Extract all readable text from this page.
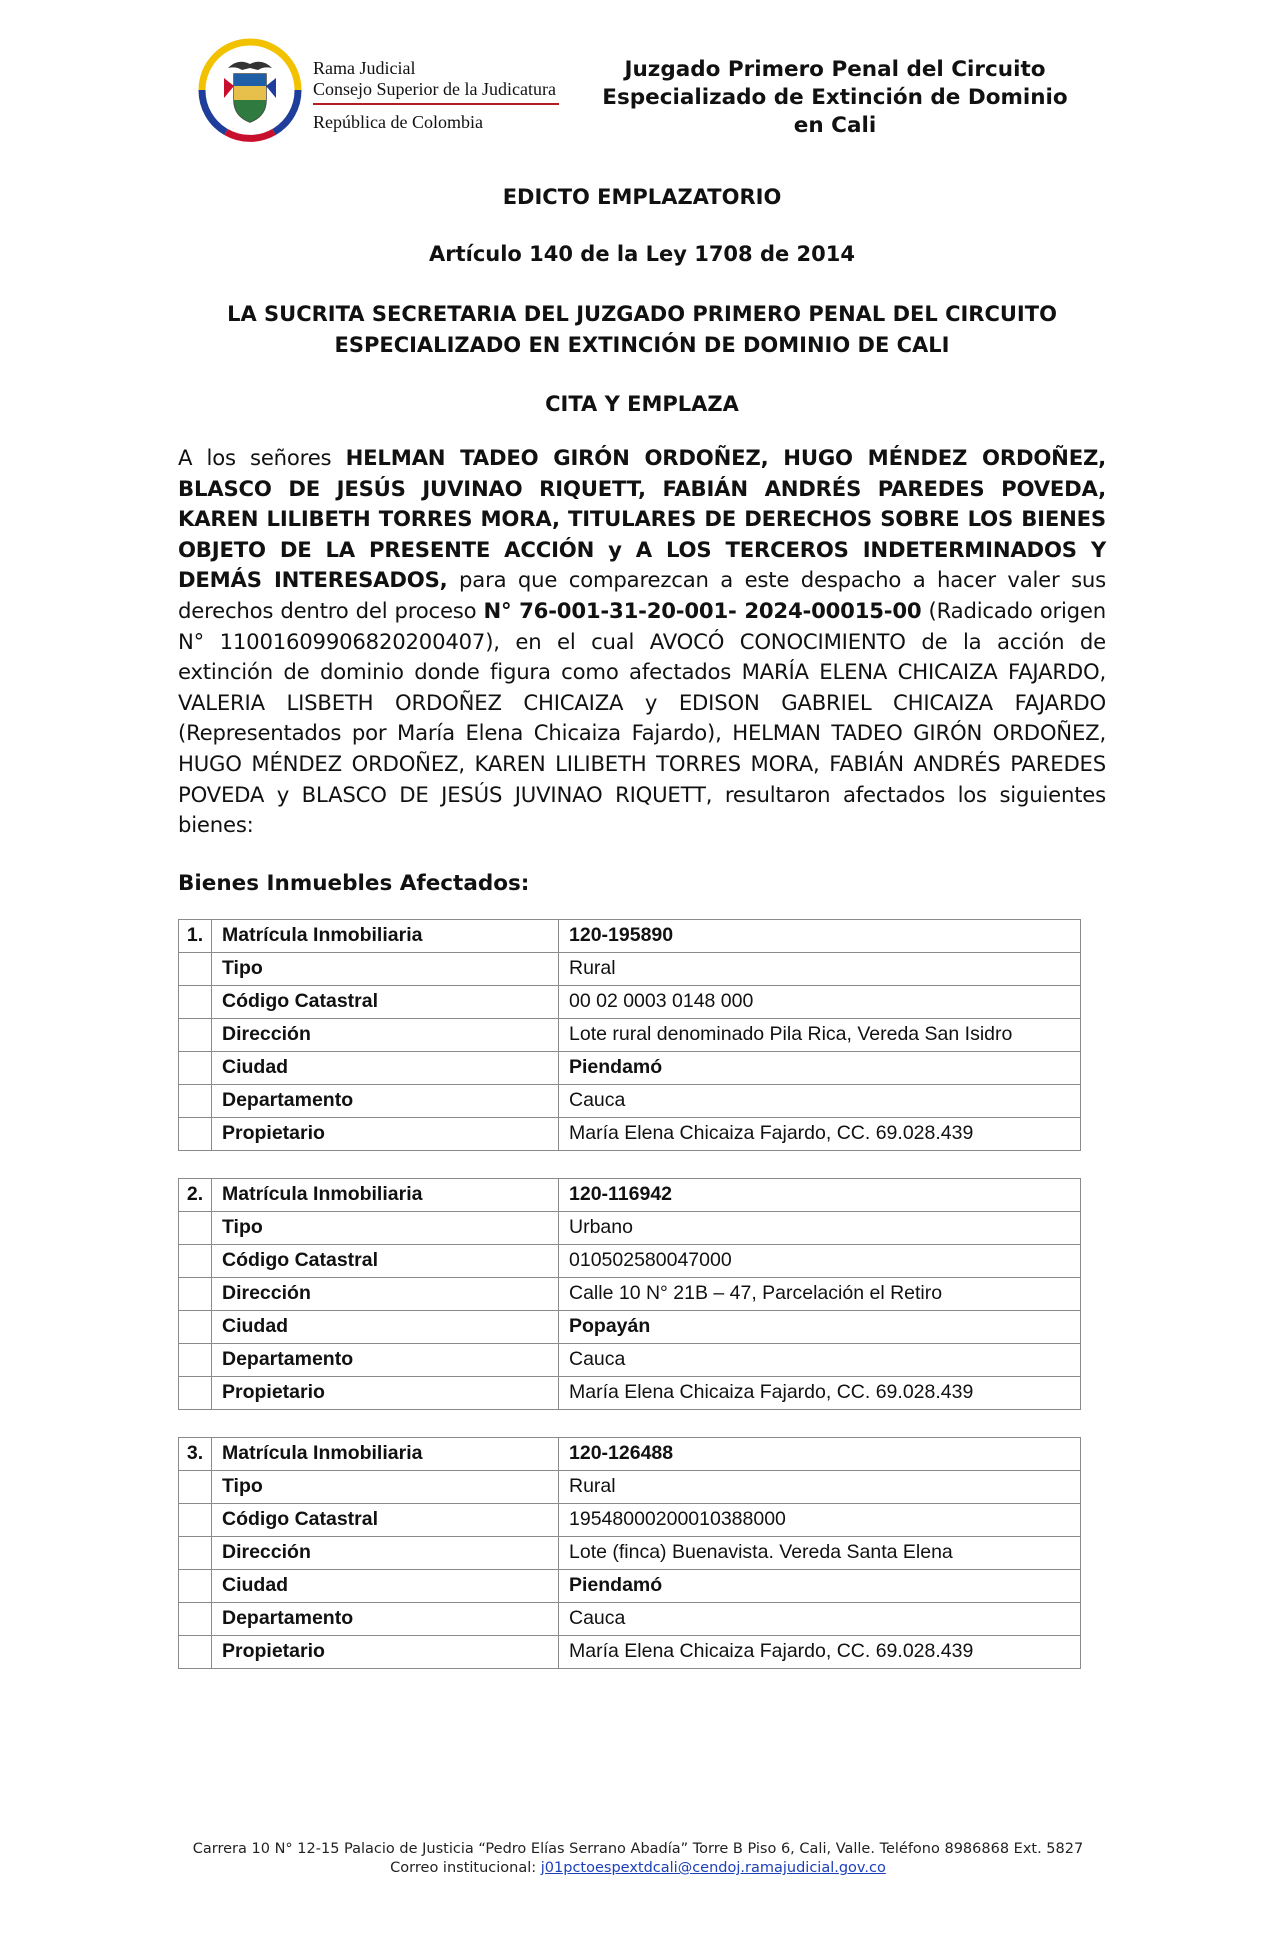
Rama Judicial
Consejo Superior de la Judicatura
República de Colombia
Juzgado Primero Penal del Circuito
Especializado de Extinción de Dominio
en Cali
EDICTO EMPLAZATORIO
Artículo 140 de la Ley 1708 de 2014
LA SUCRITA SECRETARIA DEL JUZGADO PRIMERO PENAL DEL CIRCUITO
ESPECIALIZADO EN EXTINCIÓN DE DOMINIO DE CALI
CITA Y EMPLAZA
A los señores HELMAN TADEO GIRÓN ORDOÑEZ, HUGO MÉNDEZ ORDOÑEZ, BLASCO DE JESÚS JUVINAO RIQUETT, FABIÁN ANDRÉS PAREDES POVEDA, KAREN LILIBETH TORRES MORA, TITULARES DE DERECHOS SOBRE LOS BIENES OBJETO DE LA PRESENTE ACCIÓN y A LOS TERCEROS INDETERMINADOS Y DEMÁS INTERESADOS, para que comparezcan a este despacho a hacer valer sus derechos dentro del proceso N° 76-001-31-20-001- 2024-00015-00 (Radicado origen N° 11001609906820200407), en el cual AVOCÓ CONOCIMIENTO de la acción de extinción de dominio donde figura como afectados MARÍA ELENA CHICAIZA FAJARDO, VALERIA LISBETH ORDOÑEZ CHICAIZA y EDISON GABRIEL CHICAIZA FAJARDO (Representados por María Elena Chicaiza Fajardo), HELMAN TADEO GIRÓN ORDOÑEZ, HUGO MÉNDEZ ORDOÑEZ, KAREN LILIBETH TORRES MORA, FABIÁN ANDRÉS PAREDES POVEDA y BLASCO DE JESÚS JUVINAO RIQUETT, resultaron afectados los siguientes bienes:
Bienes Inmuebles Afectados:
1.	Matrícula Inmobiliaria	120-195890
	Tipo	Rural
	Código Catastral	00 02 0003 0148 000
	Dirección	Lote rural denominado Pila Rica, Vereda San Isidro
	Ciudad	Piendamó
	Departamento	Cauca
	Propietario	María Elena Chicaiza Fajardo, CC. 69.028.439
2.	Matrícula Inmobiliaria	120-116942
	Tipo	Urbano
	Código Catastral	010502580047000
	Dirección	Calle 10 N° 21B – 47, Parcelación el Retiro
	Ciudad	Popayán
	Departamento	Cauca
	Propietario	María Elena Chicaiza Fajardo, CC. 69.028.439
3.	Matrícula Inmobiliaria	120-126488
	Tipo	Rural
	Código Catastral	19548000200010388000
	Dirección	Lote (finca) Buenavista. Vereda Santa Elena
	Ciudad	Piendamó
	Departamento	Cauca
	Propietario	María Elena Chicaiza Fajardo, CC. 69.028.439
Carrera 10 N° 12-15 Palacio de Justicia “Pedro Elías Serrano Abadía” Torre B Piso 6, Cali, Valle. Teléfono 8986868 Ext. 5827
Correo institucional: j01pctoespextdcali@cendoj.ramajudicial.gov.co
